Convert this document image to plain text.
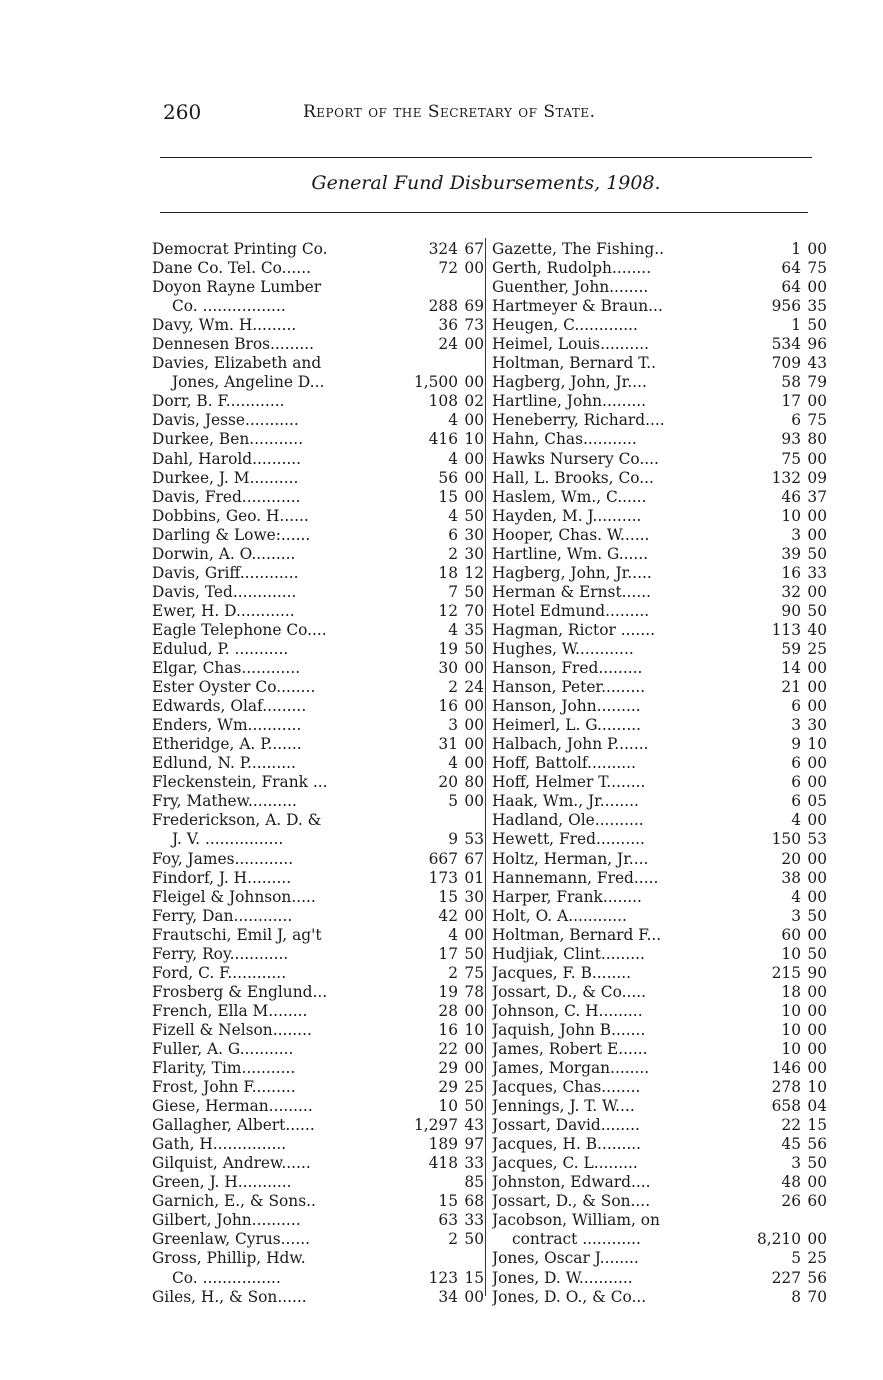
260	Report of the Secretary of State.
General Fund Disbursements, 1908.
Democrat Printing Co.	324 67
Dane Co. Tel. Co......	72 00
Doyon Rayne Lumber
Co. .................	288 69
Davy, Wm. H.........	36 73
Dennesen Bros.........	24 00
Davies, Elizabeth and
Jones, Angeline D...	1,500 00
Dorr, B. F............	108 02
Davis, Jesse...........	4 00
Durkee, Ben...........	416 10
Dahl, Harold..........	4 00
Durkee, J. M..........	56 00
Davis, Fred............	15 00
Dobbins, Geo. H......	4 50
Darling & Lowe:......	6 30
Dorwin, A. O.........	2 30
Davis, Griff............	18 12
Davis, Ted.............	7 50
Ewer, H. D............	12 70
Eagle Telephone Co....	4 35
Edulud, P. ...........	19 50
Elgar, Chas............	30 00
Ester Oyster Co........	2 24
Edwards, Olaf.........	16 00
Enders, Wm...........	3 00
Etheridge, A. P.......	31 00
Edlund, N. P..........	4 00
Fleckenstein, Frank ...	20 80
Fry, Mathew..........	5 00
Frederickson, A. D. &
J. V. ................	9 53
Foy, James............	667 67
Findorf, J. H.........	173 01
Fleigel & Johnson.....	15 30
Ferry, Dan............	42 00
Frautschi, Emil J, ag't	4 00
Ferry, Roy............	17 50
Ford, C. F............	2 75
Frosberg & Englund...	19 78
French, Ella M........	28 00
Fizell & Nelson........	16 10
Fuller, A. G...........	22 00
Flarity, Tim...........	29 00
Frost, John F.........	29 25
Giese, Herman.........	10 50
Gallagher, Albert......	1,297 43
Gath, H...............	189 97
Gilquist, Andrew......	418 33
Green, J. H...........	85
Garnich, E., & Sons..	15 68
Gilbert, John..........	63 33
Greenlaw, Cyrus......	2 50
Gross, Phillip, Hdw.
Co. ................	123 15
Giles, H., & Son......	34 00
Gazette, The Fishing..	1 00
Gerth, Rudolph........	64 75
Guenther, John........	64 00
Hartmeyer & Braun...	956 35
Heugen, C.............	1 50
Heimel, Louis..........	534 96
Holtman, Bernard T..	709 43
Hagberg, John, Jr....	58 79
Hartline, John.........	17 00
Heneberry, Richard....	6 75
Hahn, Chas...........	93 80
Hawks Nursery Co....	75 00
Hall, L. Brooks, Co...	132 09
Haslem, Wm., C......	46 37
Hayden, M. J..........	10 00
Hooper, Chas. W......	3 00
Hartline, Wm. G......	39 50
Hagberg, John, Jr.....	16 33
Herman & Ernst......	32 00
Hotel Edmund.........	90 50
Hagman, Rictor .......	113 40
Hughes, W............	59 25
Hanson, Fred.........	14 00
Hanson, Peter.........	21 00
Hanson, John.........	6 00
Heimerl, L. G.........	3 30
Halbach, John P.......	9 10
Hoff, Battolf..........	6 00
Hoff, Helmer T........	6 00
Haak, Wm., Jr........	6 05
Hadland, Ole..........	4 00
Hewett, Fred..........	150 53
Holtz, Herman, Jr....	20 00
Hannemann, Fred.....	38 00
Harper, Frank........	4 00
Holt, O. A............	3 50
Holtman, Bernard F...	60 00
Hudjiak, Clint.........	10 50
Jacques, F. B........	215 90
Jossart, D., & Co.....	18 00
Johnson, C. H.........	10 00
Jaquish, John B.......	10 00
James, Robert E......	10 00
James, Morgan........	146 00
Jacques, Chas........	278 10
Jennings, J. T. W....	658 04
Jossart, David........	22 15
Jacques, H. B.........	45 56
Jacques, C. L.........	3 50
Johnston, Edward....	48 00
Jossart, D., & Son....	26 60
Jacobson, William, on
contract ............	8,210 00
Jones, Oscar J........	5 25
Jones, D. W...........	227 56
Jones, D. O., & Co...	8 70
